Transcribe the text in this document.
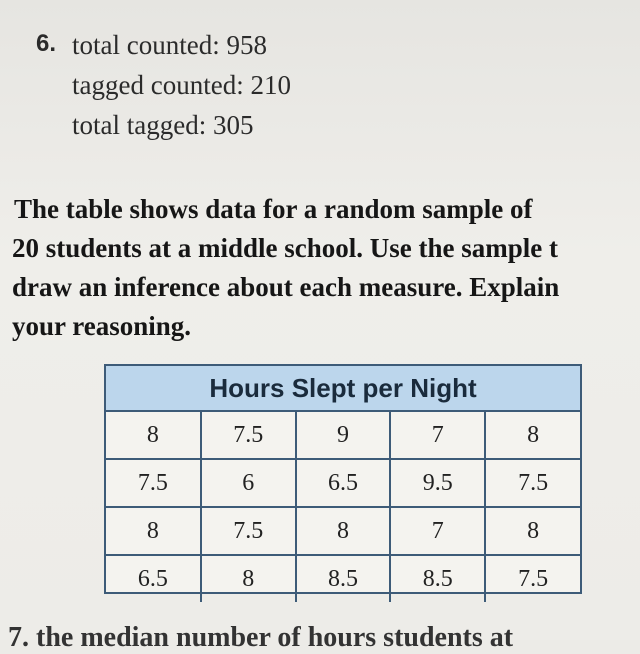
6. total counted: 958
tagged counted: 210
total tagged: 305
The table shows data for a random sample of
20 students at a middle school. Use the sample t
draw an inference about each measure. Explain
your reasoning.
Hours Slept per Night
8	7.5	9	7	8
7.5	6	6.5	9.5	7.5
8	7.5	8	7	8
6.5	8	8.5	8.5	7.5
7. the median number of hours students at
